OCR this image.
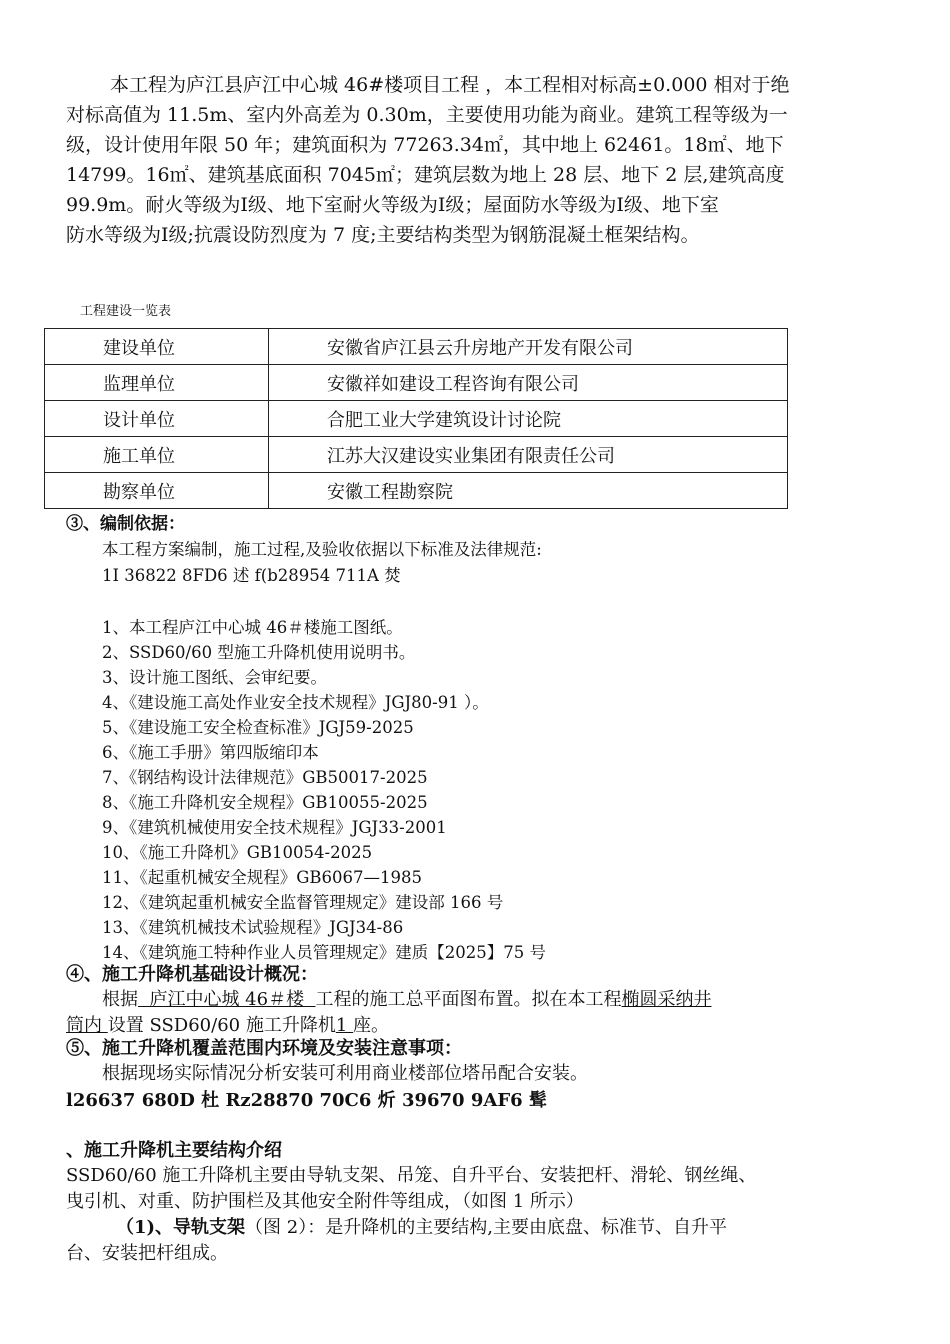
本工程为庐江县庐江中心城 46#楼项目工程 ，本工程相对标高±0.000 相对于绝
对标高值为 11.5m、室内外高差为 0.30m，主要使用功能为商业。建筑工程等级为一
级，设计使用年限 50 年；建筑面积为 77263.34㎡，其中地上 62461。18㎡、地下
14799。16㎡、建筑基底面积 7045㎡；建筑层数为地上 28 层、地下 2 层,建筑高度
99.9m。耐火等级为Ⅰ级、地下室耐火等级为Ⅰ级；屋面防水等级为Ⅰ级、地下室
防水等级为Ⅰ级;抗震设防烈度为 7 度;主要结构类型为钢筋混凝土框架结构。
工程建设一览表
建设单位	安徽省庐江县云升房地产开发有限公司
监理单位	安徽祥如建设工程咨询有限公司
设计单位	合肥工业大学建筑设计讨论院
施工单位	江苏大汉建设实业集团有限责任公司
勘察单位	安徽工程勘察院
③、编制依据：
本工程方案编制，施工过程,及验收依据以下标准及法律规范:
1I 36822 8FD6 述 f(b28954 711A 焚
1、本工程庐江中心城 46＃楼施工图纸。
2、SSD60/60 型施工升降机使用说明书。
3、设计施工图纸、会审纪要。
4、《建设施工高处作业安全技术规程》JGJ80-91 ）。
5、《建设施工安全检查标准》JGJ59-2025
6、《施工手册》第四版缩印本
7、《钢结构设计法律规范》GB50017-2025
8、《施工升降机安全规程》GB10055-2025
9、《建筑机械使用安全技术规程》JGJ33-2001
10、《施工升降机》GB10054-2025
11、《起重机械安全规程》GB6067—1985
12、《建筑起重机械安全监督管理规定》建设部 166 号
13、《建筑机械技术试验规程》JGJ34-86
14、《建筑施工特种作业人员管理规定》建质【2025】75 号
④、施工升降机基础设计概况：
根据  庐江中心城 46＃楼  工程的施工总平面图布置。拟在本工程椭圆采纳井
筒内 设置 SSD60/60 施工升降机1 座。
⑤、施工升降机覆盖范围内环境及安装注意事项：
根据现场实际情况分析安装可利用商业楼部位塔吊配合安装。
l26637 680D 杜 Rz28870 70C6 炘 39670 9AF6 髶
、施工升降机主要结构介绍
SSD60/60 施工升降机主要由导轨支架、吊笼、自升平台、安装把杆、滑轮、钢丝绳、
曳引机、对重、防护围栏及其他安全附件等组成，（如图 1 所示）
（1)、导轨支架（图 2）：是升降机的主要结构,主要由底盘、标准节、自升平
台、安装把杆组成。
